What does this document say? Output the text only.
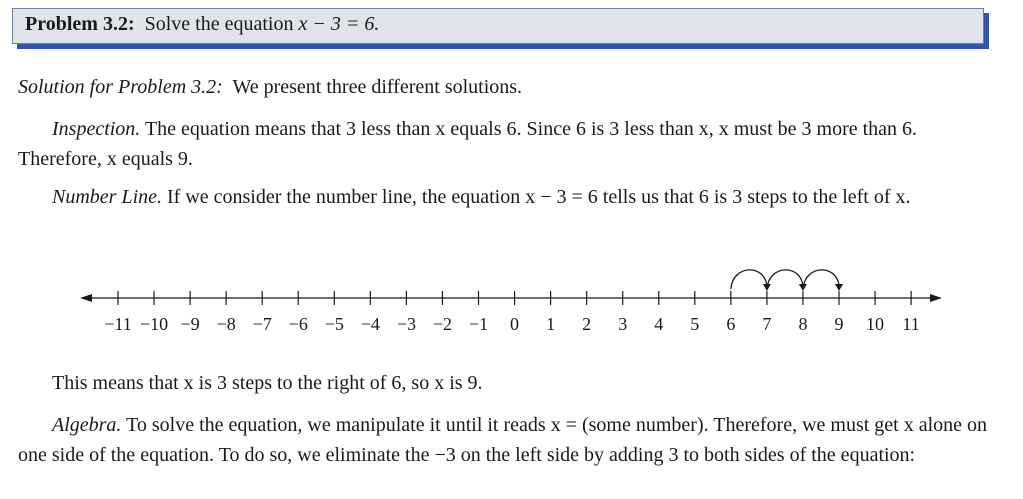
Problem 3.2: Solve the equation x − 3 = 6.

Solution for Problem 3.2: We present three different solutions.

Inspection. The equation means that 3 less than x equals 6. Since 6 is 3 less than x, x must be 3 more than 6. Therefore, x equals 9.

Number Line. If we consider the number line, the equation x − 3 = 6 tells us that 6 is 3 steps to the left of x.

−11 −10 −9 −8 −7 −6 −5 −4 −3 −2 −1 0 1 2 3 4 5 6 7 8 9 10 11

This means that x is 3 steps to the right of 6, so x is 9.

Algebra. To solve the equation, we manipulate it until it reads x = (some number). Therefore, we must get x alone on one side of the equation. To do so, we eliminate the −3 on the left side by adding 3 to both sides of the equation:
